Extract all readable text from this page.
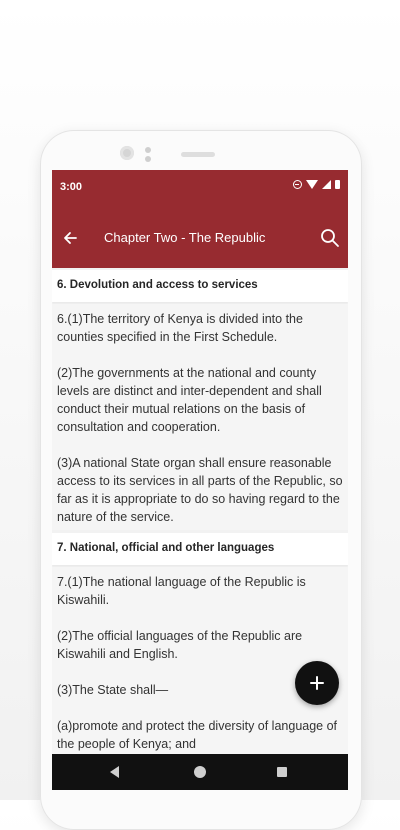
3:00
Chapter Two - The Republic
6. Devolution and access to services
6.(1)The territory of Kenya is divided into the counties specified in the First Schedule.
(2)The governments at the national and county levels are distinct and inter-dependent and shall conduct their mutual relations on the basis of consultation and cooperation.
(3)A national State organ shall ensure reasonable access to its services in all parts of the Republic, so far as it is appropriate to do so having regard to the nature of the service.
7. National, official and other languages
7.(1)The national language of the Republic is Kiswahili.
(2)The official languages of the Republic are Kiswahili and English.
(3)The State shall—
(a)promote and protect the diversity of language of the people of Kenya; and
